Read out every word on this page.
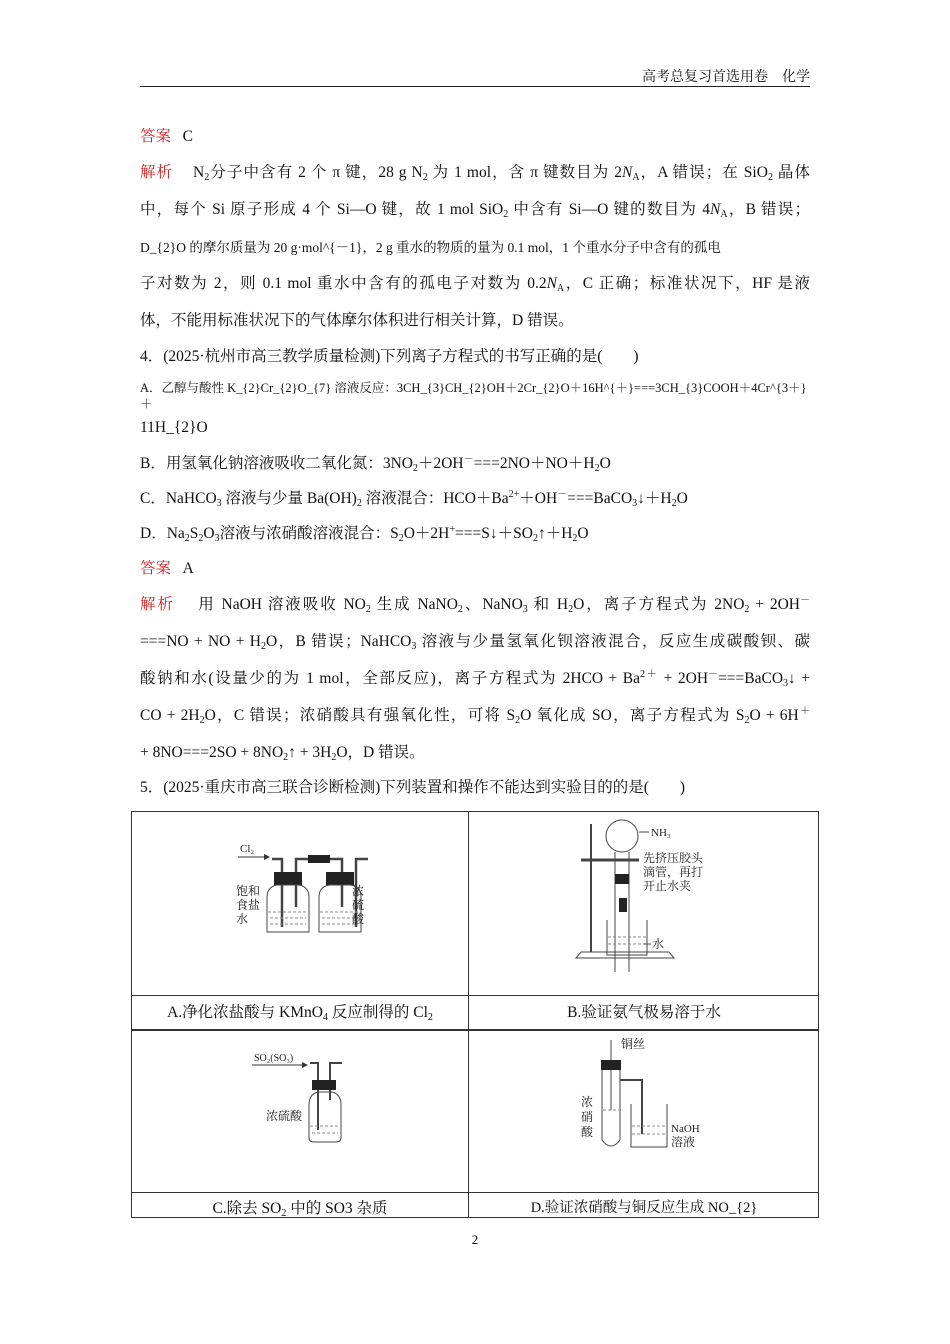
高考总复习首选用卷　化学
答案 C
解析 $N_2$分子中含有 2 个 π 键，28 g $N_2$ 为 1 mol，含 π 键数目为 $2N_A$，A 错误；在 SiO$_2$ 晶体
中，每个 Si 原子形成 4 个 Si—O 键，故 1 mol SiO$_2$ 中含有 Si—O 键的数目为 $4N_A$，B 错误；
D_{2}O 的摩尔质量为 20 g·mol^{－1}，2 g 重水的物质的量为 0.1 mol，1 个重水分子中含有的孤电
子对数为 2，则 0.1 mol 重水中含有的孤电子对数为 $0.2N_A$，C 正确；标准状况下，HF 是液
体，不能用标准状况下的气体摩尔体积进行相关计算，D 错误。
4．(2025·杭州市高三教学质量检测)下列离子方程式的书写正确的是(　　)
A．乙醇与酸性 K_{2}Cr_{2}O_{7} 溶液反应：3CH_{3}CH_{2}OH＋2Cr_{2}O＋16H^{＋}===3CH_{3}COOH＋4Cr^{3＋}＋
11H_{2}O
B．用氢氧化钠溶液吸收二氧化氮：$3NO_2+2OH^-===2NO+NO+H_2O$
C．NaHCO$_3$ 溶液与少量 $Ba(OH)_2$ 溶液混合：$HCO+Ba^{2+}+OH^-===BaCO_3↓+H_2O$
D．$Na_2S_2O_3$溶液与浓硝酸溶液混合：$S_2O+2H^+===S↓+SO_2↑+H_2O$
答案 A
解析 用 NaOH 溶液吸收 $NO_2$ 生成 NaNO$_2$、NaNO$_3$ 和 $H_2O$，离子方程式为 $2NO_2 + 2OH^-$
===NO + NO + $H_2O$，B 错误；NaHCO$_3$ 溶液与少量氢氧化钡溶液混合，反应生成碳酸钡、碳
酸钠和水(设量少的为 1 mol，全部反应)，离子方程式为 $2HCO + Ba^{2+}$ + 2OH－===BaCO$_3$↓ +
CO + $2H_2O$，C 错误；浓硝酸具有强氧化性，可将 $S_2O$ 氧化成 SO，离子方程式为 $S_2O + 6H^+$
+ $8NO===2SO + 8NO_2↑ + 3H_2O$，D 错误。
5．(2025·重庆市高三联合诊断检测)下列装置和操作不能达到实验目的的是(　　)
Cl₂
饱和
食盐
水
浓
硫
酸
NH₃
先挤压胶头
滴管，再打
开止水夹
水
A.净化浓盐酸与 KMnO$_4$ 反应制得的 $Cl_2$	B.验证氨气极易溶于水
SO₂(SO₃)
浓硫酸
铜丝
浓
硝
酸	NaOH
溶液
C.除去 $SO_2$ 中的 SO3 杂质	D.验证浓硝酸与铜反应生成 NO_{2}
2
